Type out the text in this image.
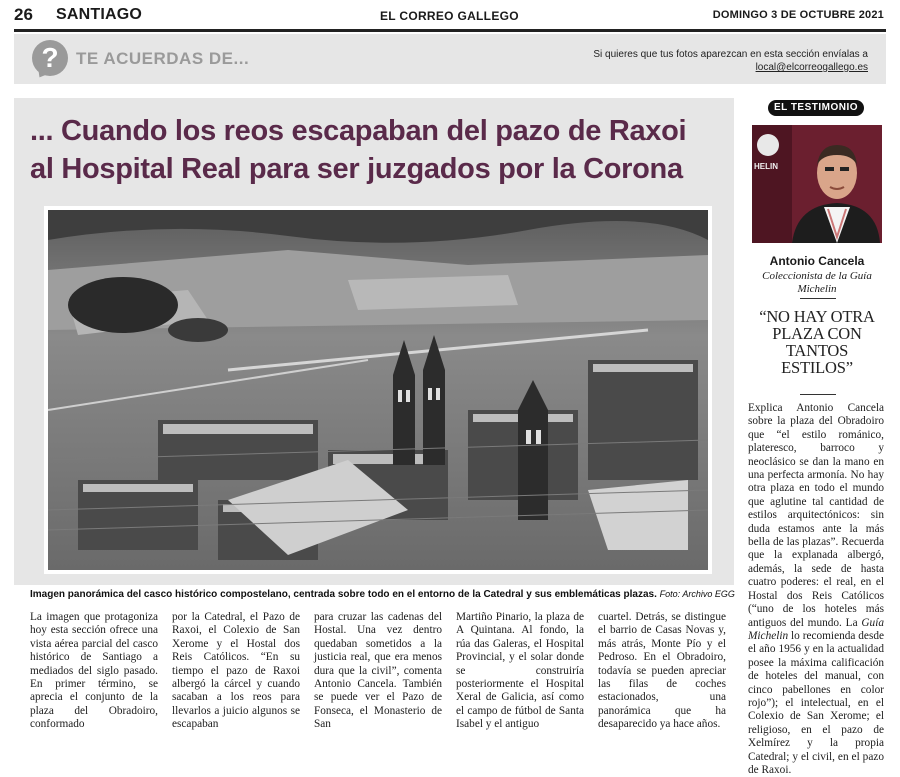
26 SANTIAGO	EL CORREO GALLEGO	DOMINGO 3 DE OCTUBRE 2021
?	TE ACUERDAS DE...	Si quieres que tus fotos aparezcan en esta sección envíalas a
local@elcorreogallego.es
... Cuando los reos escapaban del pazo de Raxoi
al Hospital Real para ser juzgados por la Corona
Imagen panorámica del casco histórico compostelano, centrada sobre todo en el entorno de la Catedral y sus emblemáticas plazas. Foto: Archivo EGG
La imagen que protagoniza hoy esta sección ofrece una vista aérea parcial del casco histórico de Santiago a mediados del siglo pasado. En primer término, se aprecia el conjunto de la plaza del Obradoiro, conformado
por la Catedral, el Pazo de Raxoi, el Colexio de San Xerome y el Hostal dos Reis Católicos. “En su tiempo el pazo de Raxoi albergó la cárcel y cuando sacaban a los reos para llevarlos a juicio algunos se escapaban
para cruzar las cadenas del Hostal. Una vez dentro quedaban sometidos a la justicia real, que era menos dura que la civil”, comenta Antonio Cancela. También se puede ver el Pazo de Fonseca, el Monasterio de San
Martiño Pinario, la plaza de A Quintana. Al fondo, la rúa das Galeras, el Hospital Provincial, y el solar donde se construiría posteriormente el Hospital Xeral de Galicia, así como el campo de fútbol de Santa Isabel y el antiguo
cuartel. Detrás, se distingue el barrio de Casas Novas y, más atrás, Monte Pío y el Pedroso. En el Obradoiro, todavía se pueden apreciar las filas de coches estacionados, una panorámica que ha desaparecido ya hace años.
EL TESTIMONIO
HELIN
Antonio Cancela
Coleccionista de la Guía Michelin
“NO HAY OTRA PLAZA CON TANTOS ESTILOS”
Explica Antonio Cancela sobre la plaza del Obradoiro que “el estilo románico, plateresco, barroco y neoclásico se dan la mano en una perfecta armonía. No hay otra plaza en todo el mundo que aglutine tal cantidad de estilos arquitectónicos: sin duda estamos ante la más bella de las plazas”. Recuerda que la explanada albergó, además, la sede de hasta cuatro poderes: el real, en el Hostal dos Reis Católicos (“uno de los hoteles más antiguos del mundo. La Guía Michelin lo recomienda desde el año 1956 y en la actualidad posee la máxima calificación de hoteles del manual, con cinco pabellones en color rojo”); el intelectual, en el Colexio de San Xerome; el religioso, en el pazo de Xelmírez y la propia Catedral; y el civil, en el pazo de Raxoi.
